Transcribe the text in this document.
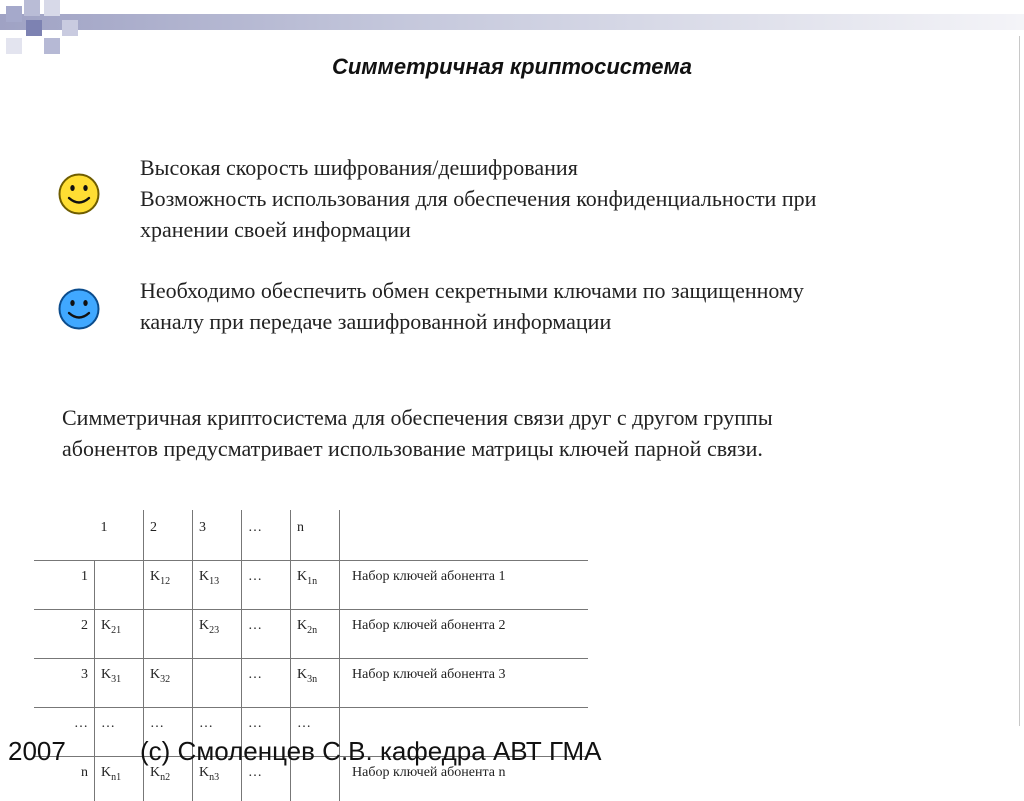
Симметричная криптосистема
Высокая скорость шифрования/дешифрования
Возможность использования для обеспечения конфиденциальности при
хранении своей информации
Необходимо обеспечить обмен секретными ключами по защищенному
каналу при передаче зашифрованной информации
Симметричная криптосистема для обеспечения связи друг с другом группы
абонентов предусматривает использование матрицы ключей парной связи.
	1	2	3	…	n	
1		$K_{12}$	$K_{13}$	…	$K_{1n}$	Набор ключей абонента 1
2	$K_{21}$		$K_{23}$	…	$K_{2n}$	Набор ключей абонента 2
3	$K_{31}$	$K_{32}$		…	$K_{3n}$	Набор ключей абонента 3
…	…	…	…	…	…	
n	$K_{n1}$	$K_{n2}$	$K_{n3}$	…		Набор ключей абонента n
2007	(c) Смоленцев С.В. кафедра АВТ ГМА
